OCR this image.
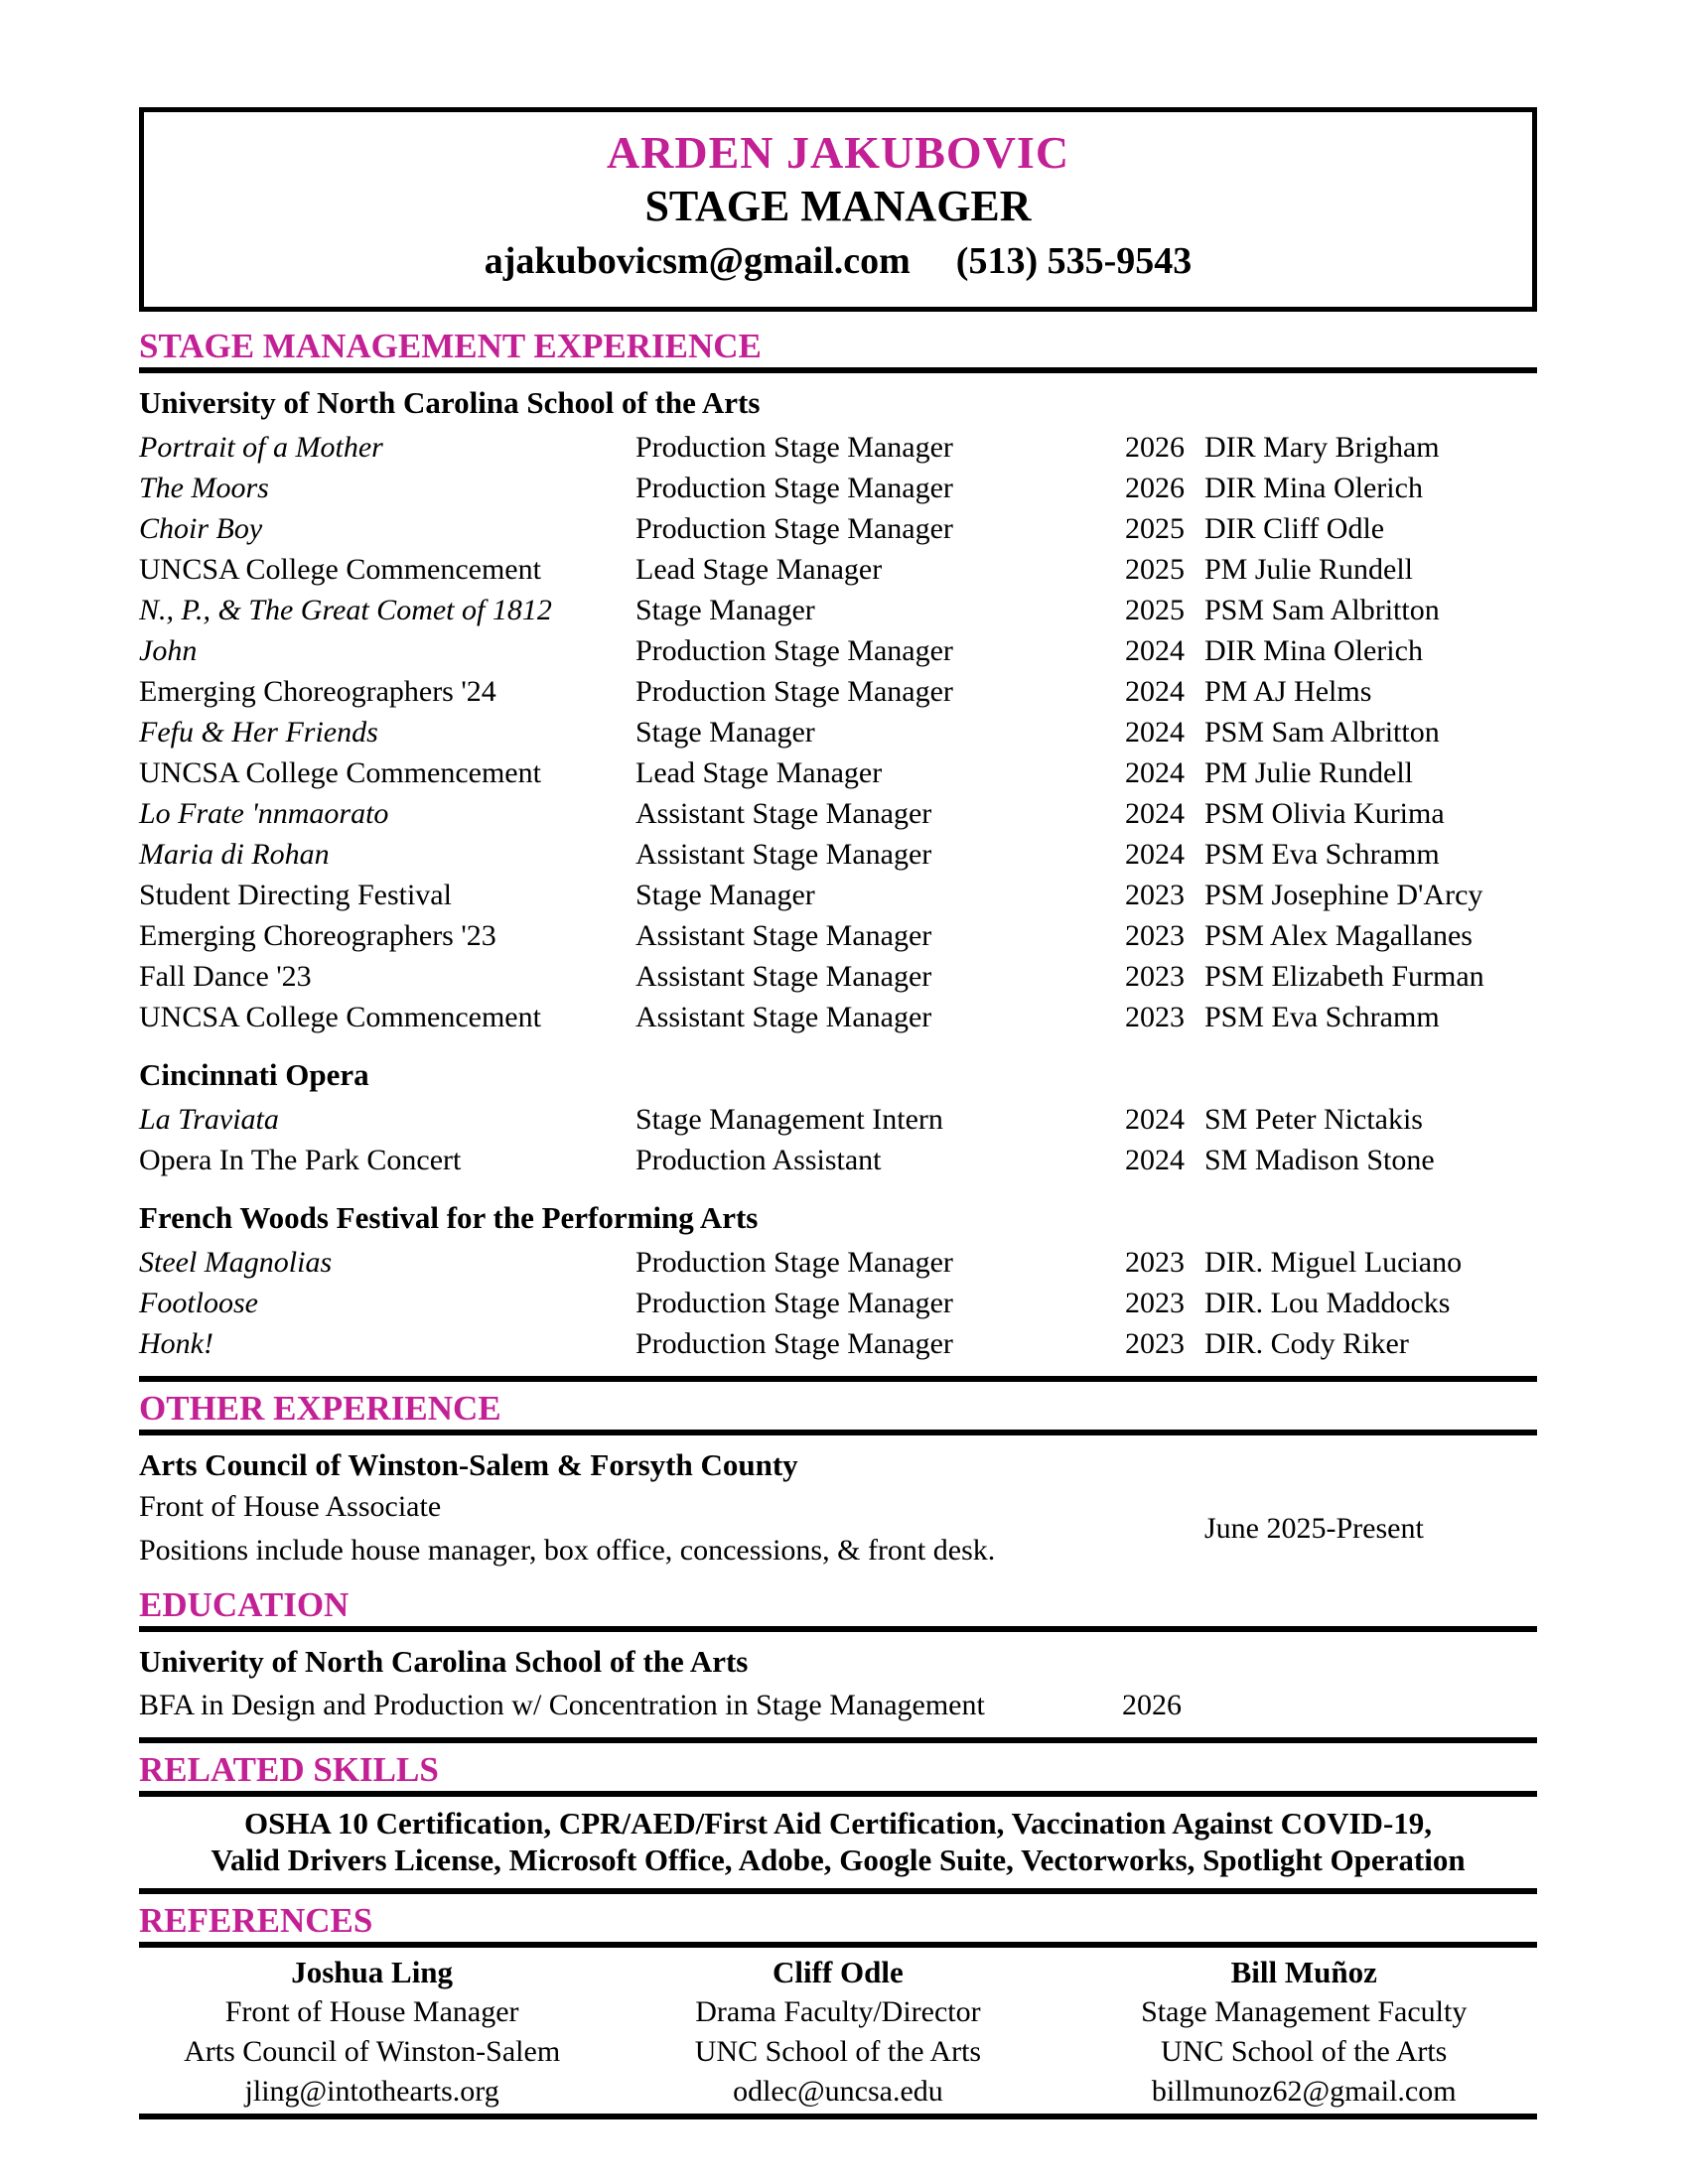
ARDEN JAKUBOVIC
STAGE MANAGER
ajakubovicsm@gmail.com (513) 535-9543
STAGE MANAGEMENT EXPERIENCE
University of North Carolina School of the Arts
Portrait of a Mother	Production Stage Manager	2026 DIR Mary Brigham
The Moors	Production Stage Manager	2026 DIR Mina Olerich
Choir Boy	Production Stage Manager	2025 DIR Cliff Odle
UNCSA College Commencement	Lead Stage Manager	2025 PM Julie Rundell
N., P., & The Great Comet of 1812	Stage Manager	2025 PSM Sam Albritton
John	Production Stage Manager	2024 DIR Mina Olerich
Emerging Choreographers '24	Production Stage Manager	2024 PM AJ Helms
Fefu & Her Friends	Stage Manager	2024 PSM Sam Albritton
UNCSA College Commencement	Lead Stage Manager	2024 PM Julie Rundell
Lo Frate 'nnmaorato	Assistant Stage Manager	2024 PSM Olivia Kurima
Maria di Rohan	Assistant Stage Manager	2024 PSM Eva Schramm
Student Directing Festival	Stage Manager	2023 PSM Josephine D'Arcy
Emerging Choreographers '23	Assistant Stage Manager	2023 PSM Alex Magallanes
Fall Dance '23	Assistant Stage Manager	2023 PSM Elizabeth Furman
UNCSA College Commencement	Assistant Stage Manager	2023 PSM Eva Schramm
Cincinnati Opera
La Traviata	Stage Management Intern	2024 SM Peter Nictakis
Opera In The Park Concert	Production Assistant	2024 SM Madison Stone
French Woods Festival for the Performing Arts
Steel Magnolias	Production Stage Manager	2023 DIR. Miguel Luciano
Footloose	Production Stage Manager	2023 DIR. Lou Maddocks
Honk!	Production Stage Manager	2023 DIR. Cody Riker
OTHER EXPERIENCE
Arts Council of Winston-Salem & Forsyth County
Front of House Associate
Positions include house manager, box office, concessions, & front desk.
June 2025-Present
EDUCATION
Univerity of North Carolina School of the Arts
BFA in Design and Production w/ Concentration in Stage Management	2026
RELATED SKILLS
OSHA 10 Certification, CPR/AED/First Aid Certification, Vaccination Against COVID-19,
Valid Drivers License, Microsoft Office, Adobe, Google Suite, Vectorworks, Spotlight Operation
REFERENCES
Joshua Ling
Front of House Manager
Arts Council of Winston-Salem
jling@intothearts.org
Cliff Odle
Drama Faculty/Director
UNC School of the Arts
odlec@uncsa.edu
Bill Muñoz
Stage Management Faculty
UNC School of the Arts
billmunoz62@gmail.com
